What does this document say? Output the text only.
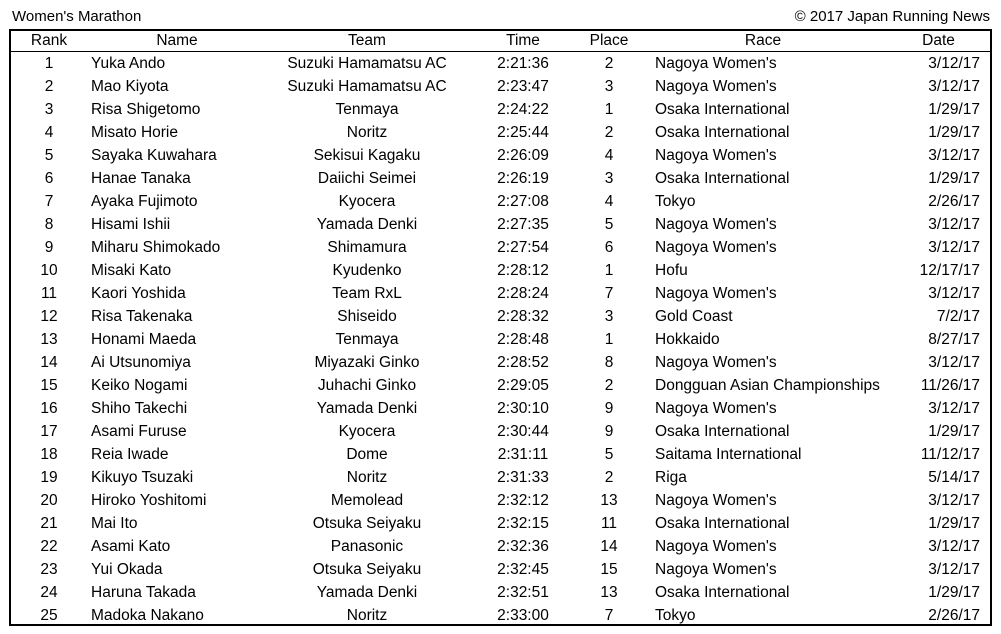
Women's Marathon	© 2017 Japan Running News
Rank	Name	Team	Time	Place	Race	Date
1	Yuka Ando	Suzuki Hamamatsu AC	2:21:36	2	Nagoya Women's	3/12/17
2	Mao Kiyota	Suzuki Hamamatsu AC	2:23:47	3	Nagoya Women's	3/12/17
3	Risa Shigetomo	Tenmaya	2:24:22	1	Osaka International	1/29/17
4	Misato Horie	Noritz	2:25:44	2	Osaka International	1/29/17
5	Sayaka Kuwahara	Sekisui Kagaku	2:26:09	4	Nagoya Women's	3/12/17
6	Hanae Tanaka	Daiichi Seimei	2:26:19	3	Osaka International	1/29/17
7	Ayaka Fujimoto	Kyocera	2:27:08	4	Tokyo	2/26/17
8	Hisami Ishii	Yamada Denki	2:27:35	5	Nagoya Women's	3/12/17
9	Miharu Shimokado	Shimamura	2:27:54	6	Nagoya Women's	3/12/17
10	Misaki Kato	Kyudenko	2:28:12	1	Hofu	12/17/17
11	Kaori Yoshida	Team RxL	2:28:24	7	Nagoya Women's	3/12/17
12	Risa Takenaka	Shiseido	2:28:32	3	Gold Coast	7/2/17
13	Honami Maeda	Tenmaya	2:28:48	1	Hokkaido	8/27/17
14	Ai Utsunomiya	Miyazaki Ginko	2:28:52	8	Nagoya Women's	3/12/17
15	Keiko Nogami	Juhachi Ginko	2:29:05	2	Dongguan Asian Championships	11/26/17
16	Shiho Takechi	Yamada Denki	2:30:10	9	Nagoya Women's	3/12/17
17	Asami Furuse	Kyocera	2:30:44	9	Osaka International	1/29/17
18	Reia Iwade	Dome	2:31:11	5	Saitama International	11/12/17
19	Kikuyo Tsuzaki	Noritz	2:31:33	2	Riga	5/14/17
20	Hiroko Yoshitomi	Memolead	2:32:12	13	Nagoya Women's	3/12/17
21	Mai Ito	Otsuka Seiyaku	2:32:15	11	Osaka International	1/29/17
22	Asami Kato	Panasonic	2:32:36	14	Nagoya Women's	3/12/17
23	Yui Okada	Otsuka Seiyaku	2:32:45	15	Nagoya Women's	3/12/17
24	Haruna Takada	Yamada Denki	2:32:51	13	Osaka International	1/29/17
25	Madoka Nakano	Noritz	2:33:00	7	Tokyo	2/26/17
